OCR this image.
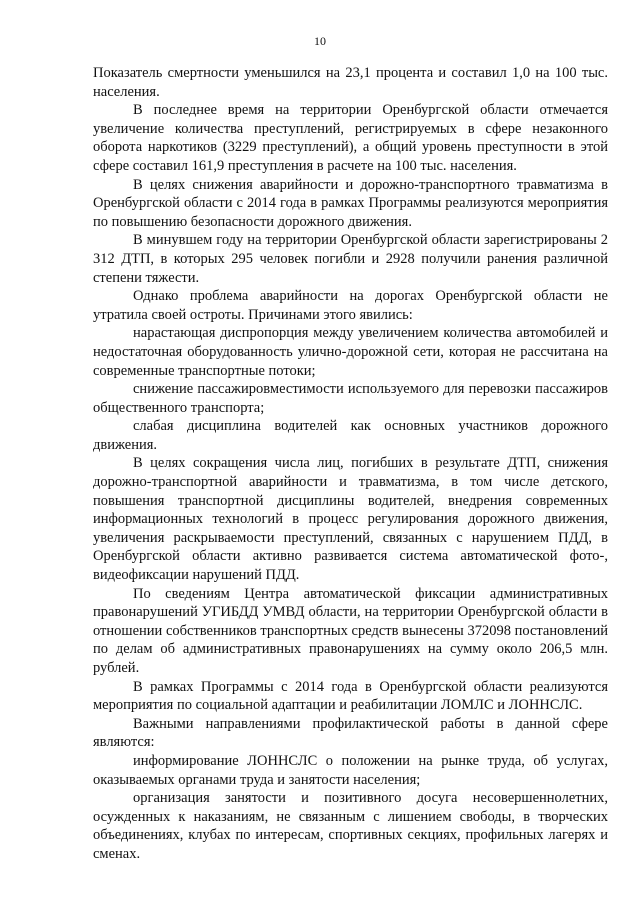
10

Показатель смертности уменьшился на 23,1 процента и составил 1,0 на 100 тыс. населения.

В последнее время на территории Оренбургской области отмечается увеличение количества преступлений, регистрируемых в сфере незаконного оборота наркотиков (3229 преступлений), а общий уровень преступности в этой сфере составил 161,9 преступления в расчете на 100 тыс. населения.

В целях снижения аварийности и дорожно-транспортного травматизма в Оренбургской области с 2014 года в рамках Программы реализуются мероприятия по повышению безопасности дорожного движения.

В минувшем году на территории Оренбургской области зарегистрированы 2 312 ДТП, в которых 295 человек погибли и 2928 получили ранения различной степени тяжести.

Однако проблема аварийности на дорогах Оренбургской области не утратила своей остроты. Причинами этого явились:

нарастающая диспропорция между увеличением количества автомобилей и недостаточная оборудованность улично-дорожной сети, которая не рассчитана на современные транспортные потоки;

снижение пассажировместимости используемого для перевозки пассажиров общественного транспорта;

слабая дисциплина водителей как основных участников дорожного движения.

В целях сокращения числа лиц, погибших в результате ДТП, снижения дорожно-транспортной аварийности и травматизма, в том числе детского, повышения транспортной дисциплины водителей, внедрения современных информационных технологий в процесс регулирования дорожного движения, увеличения раскрываемости преступлений, связанных с нарушением ПДД, в Оренбургской области активно развивается система автоматической фото-, видеофиксации нарушений ПДД.

По сведениям Центра автоматической фиксации административных правонарушений УГИБДД УМВД области, на территории Оренбургской области в отношении собственников транспортных средств вынесены 372098 постановлений по делам об административных правонарушениях на сумму около 206,5 млн. рублей.

В рамках Программы с 2014 года в Оренбургской области реализуются мероприятия по социальной адаптации и реабилитации ЛОМЛС и ЛОННСЛС.

Важными направлениями профилактической работы в данной сфере являются:

информирование ЛОННСЛС о положении на рынке труда, об услугах, оказываемых органами труда и занятости населения;

организация занятости и позитивного досуга несовершеннолетних, осужденных к наказаниям, не связанным с лишением свободы, в творческих объединениях, клубах по интересам, спортивных секциях, профильных лагерях и сменах.
